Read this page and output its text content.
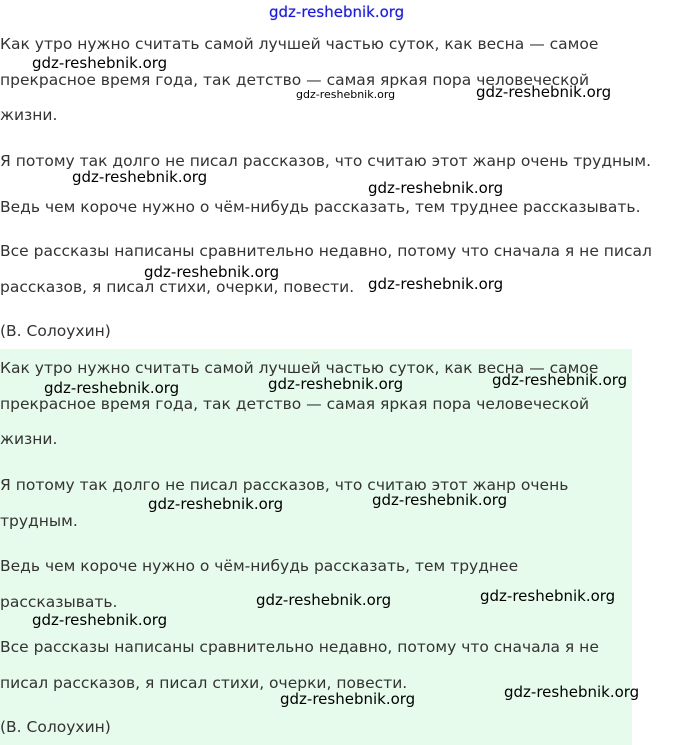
gdz-reshebnik.org

Как утро нужно считать самой лучшей частью суток, как весна — самое

прекрасное время года, так детство — самая яркая пора человеческой

жизни.

Я потому так долго не писал рассказов, что считаю этот жанр очень трудным.

Ведь чем короче нужно о чём-нибудь рассказать, тем труднее рассказывать.

Все рассказы написаны сравнительно недавно, потому что сначала я не писал

рассказов, я писал стихи, очерки, повести.

(В. Солоухин)

Как утро нужно считать самой лучшей частью суток, как весна — самое

прекрасное время года, так детство — самая яркая пора человеческой

жизни.

Я потому так долго не писал рассказов, что считаю этот жанр очень

трудным.

Ведь чем короче нужно о чём-нибудь рассказать, тем труднее

рассказывать.

Все рассказы написаны сравнительно недавно, потому что сначала я не

писал рассказов, я писал стихи, очерки, повести.

(В. Солоухин)

gdz-reshebnik.org
gdz-reshebnik.org	gdz-reshebnik.org
gdz-reshebnik.org
gdz-reshebnik.org
gdz-reshebnik.org
gdz-reshebnik.org
gdz-reshebnik.org	gdz-reshebnik.org	gdz-reshebnik.org
gdz-reshebnik.org	gdz-reshebnik.org
gdz-reshebnik.org	gdz-reshebnik.org
gdz-reshebnik.org
gdz-reshebnik.org	gdz-reshebnik.org
